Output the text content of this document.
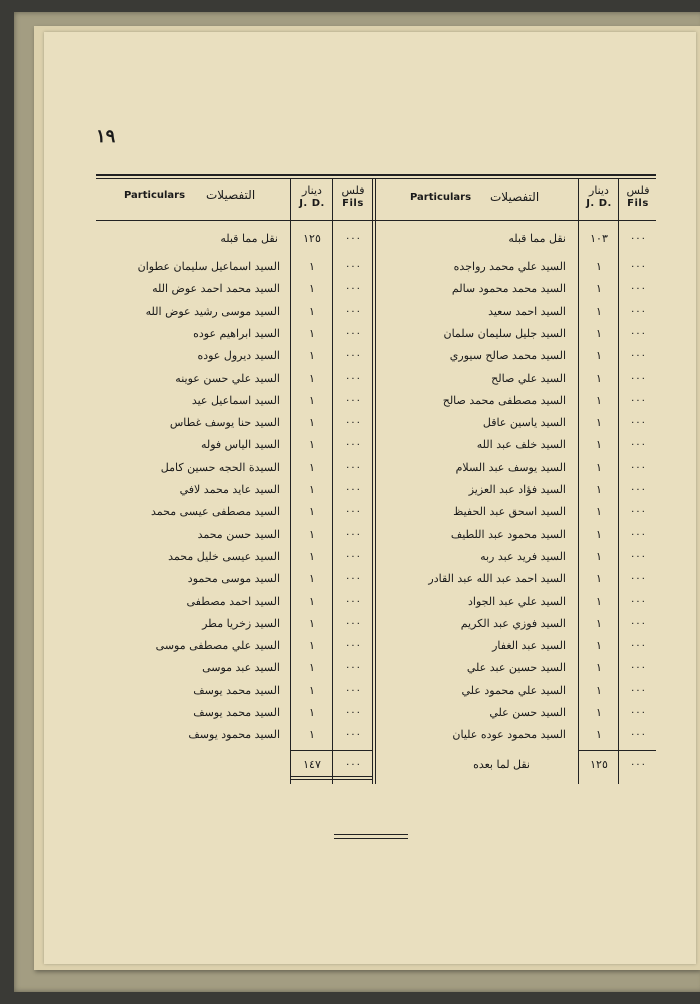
١٩
فلس
Fils
دينار
J. D.
Particulars التفصيلات
فلس
Fils
دينار
J. D.
Particulars التفصيلات
٠٠٠
١٠٣
نقل مما قبله
٠٠٠
١٢٥
نقل مما قبله
٠٠٠
١
السيد علي محمد رواجده
٠٠٠
١
السيد محمد محمود سالم
٠٠٠
١
السيد احمد سعيد
٠٠٠
١
السيد جليل سليمان سلمان
٠٠٠
١
السيد محمد صالح سيوري
٠٠٠
١
السيد علي صالح
٠٠٠
١
السيد مصطفى محمد صالح
٠٠٠
١
السيد ياسين عاقل
٠٠٠
١
السيد خلف عبد الله
٠٠٠
١
السيد يوسف عبد السلام
٠٠٠
١
السيد فؤاد عبد العزيز
٠٠٠
١
السيد اسحق عبد الحفيظ
٠٠٠
١
السيد محمود عبد اللطيف
٠٠٠
١
السيد فريد عبد ربه
٠٠٠
١
السيد احمد عبد الله عبد القادر
٠٠٠
١
السيد علي عبد الجواد
٠٠٠
١
السيد فوزي عبد الكريم
٠٠٠
١
السيد عبد الغفار
٠٠٠
١
السيد حسين عبد علي
٠٠٠
١
السيد علي محمود علي
٠٠٠
١
السيد حسن علي
٠٠٠
١
السيد محمود عوده عليان
٠٠٠
١
السيد اسماعيل سليمان عطوان
٠٠٠
١
السيد محمد احمد عوض الله
٠٠٠
١
السيد موسى رشيد عوض الله
٠٠٠
١
السيد ابراهيم عوده
٠٠٠
١
السيد ديرول عوده
٠٠٠
١
السيد علي حسن عوينه
٠٠٠
١
السيد اسماعيل عيد
٠٠٠
١
السيد حنا يوسف غطاس
٠٠٠
١
السيد الياس فوله
٠٠٠
١
السيدة الحجه حسين كامل
٠٠٠
١
السيد عايد محمد لافي
٠٠٠
١
السيد مصطفى عيسى محمد
٠٠٠
١
السيد حسن محمد
٠٠٠
١
السيد عيسى خليل محمد
٠٠٠
١
السيد موسى محمود
٠٠٠
١
السيد احمد مصطفى
٠٠٠
١
السيد زخريا مطر
٠٠٠
١
السيد علي مصطفى موسى
٠٠٠
١
السيد عبد موسى
٠٠٠
١
السيد محمد يوسف
٠٠٠
١
السيد محمد يوسف
٠٠٠
١
السيد محمود يوسف
٠٠٠
١٢٥
نقل لما بعده
٠٠٠
١٤٧
